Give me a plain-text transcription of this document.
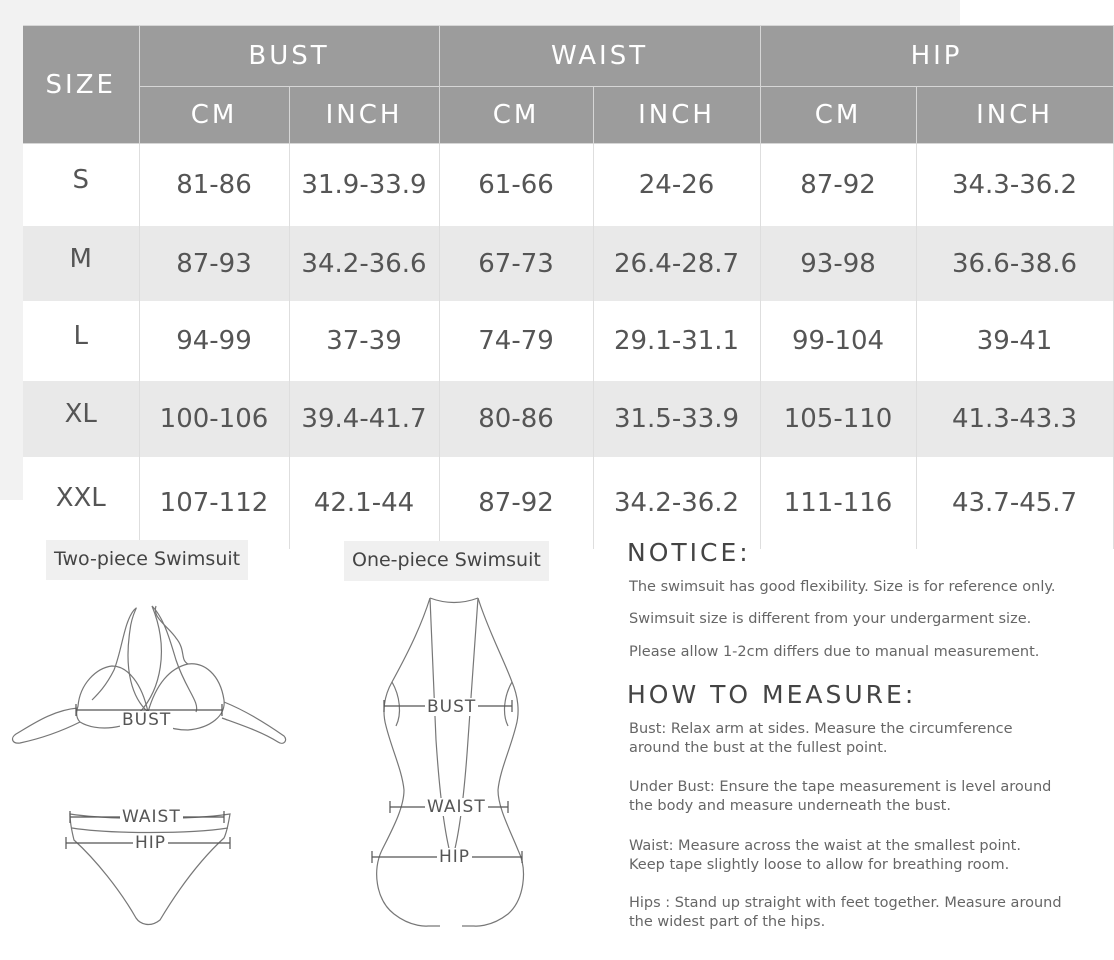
SIZE	BUST		WAIST		HIP	
	CM	INCH	CM	INCH	CM	INCH
S	81-86	31.9-33.9	61-66	24-26	87-92	34.3-36.2
M	87-93	34.2-36.6	67-73	26.4-28.7	93-98	36.6-38.6
L	94-99	37-39	74-79	29.1-31.1	99-104	39-41
XL	100-106	39.4-41.7	80-86	31.5-33.9	105-110	41.3-43.3
XXL	107-112	42.1-44	87-92	34.2-36.2	111-116	43.7-45.7
Two-piece Swimsuit	One-piece Swimsuit
BUST
WAIST
HIP
BUST
WAIST
HIP
NOTICE:
The swimsuit has good flexibility. Size is for reference only.
Swimsuit size is different from your undergarment size.
Please allow 1-2cm differs due to manual measurement.
HOW TO MEASURE:
Bust: Relax arm at sides. Measure the circumference
around the bust at the fullest point.
Under Bust: Ensure the tape measurement is level around
the body and measure underneath the bust.
Waist: Measure across the waist at the smallest point.
Keep tape slightly loose to allow for breathing room.
Hips : Stand up straight with feet together. Measure around
the widest part of the hips.
